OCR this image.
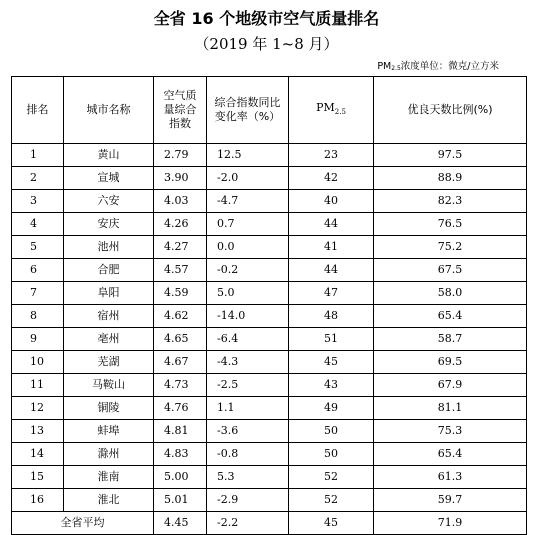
全省 16 个地级市空气质量排名
（2019 年 1~8 月）
$PM_{2.5}$浓度单位：微克/立方米
排名	城市名称	空气质量综合指数	综合指数同比变化率（%）	$PM_{2.5}$	优良天数比例(%)
1	黄山	2.79	12.5	23	97.5
2	宣城	3.90	-2.0	42	88.9
3	六安	4.03	-4.7	40	82.3
4	安庆	4.26	0.7	44	76.5
5	池州	4.27	0.0	41	75.2
6	合肥	4.57	-0.2	44	67.5
7	阜阳	4.59	5.0	47	58.0
8	宿州	4.62	-14.0	48	65.4
9	亳州	4.65	-6.4	51	58.7
10	芜湖	4.67	-4.3	45	69.5
11	马鞍山	4.73	-2.5	43	67.9
12	铜陵	4.76	1.1	49	81.1
13	蚌埠	4.81	-3.6	50	75.3
14	滁州	4.83	-0.8	50	65.4
15	淮南	5.00	5.3	52	61.3
16	淮北	5.01	-2.9	52	59.7
全省平均		4.45	-2.2	45	71.9
